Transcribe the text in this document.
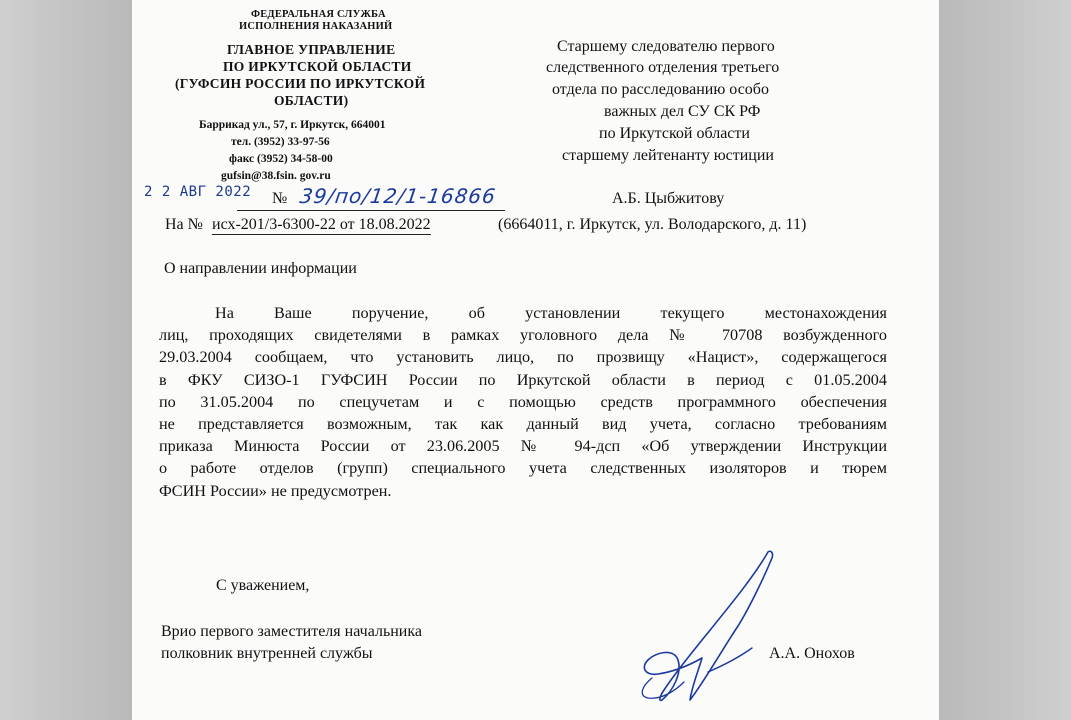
ФЕДЕРАЛЬНАЯ СЛУЖБА
ИСПОЛНЕНИЯ НАКАЗАНИЙ
ГЛАВНОЕ УПРАВЛЕНИЕ
ПО ИРКУТСКОЙ ОБЛАСТИ
(ГУФСИН РОССИИ ПО ИРКУТСКОЙ
ОБЛАСТИ)
Баррикад ул., 57, г. Иркутск, 664001
тел. (3952) 33-97-56
факс (3952) 34-58-00
gufsin@38.fsin. gov.ru
2 2 АВГ 2022 № 39/по/12/1-16866
На № исх-201/3-6300-22 от 18.08.2022
Старшему следователю первого
следственного отделения третьего
отдела по расследованию особо
важных дел СУ СК РФ
по Иркутской области
старшему лейтенанту юстиции
А.Б. Цыбжитову
(6664011, г. Иркутск, ул. Володарского, д. 11)
О направлении информации
На Ваше поручение, об установлении текущего местонахождения
лиц, проходящих свидетелями в рамках уголовного дела № 70708 возбужденного
29.03.2004 сообщаем, что установить лицо, по прозвищу «Нацист», содержащегося
в ФКУ СИЗО-1 ГУФСИН России по Иркутской области в период с 01.05.2004
по 31.05.2004 по спецучетам и с помощью средств программного обеспечения
не представляется возможным, так как данный вид учета, согласно требованиям
приказа Минюста России от 23.06.2005 № 94-дсп «Об утверждении Инструкции
о работе отделов (групп) специального учета следственных изоляторов и тюрем
ФСИН России» не предусмотрен.
С уважением,
Врио первого заместителя начальника
полковник внутренней службы	А.А. Онохов
